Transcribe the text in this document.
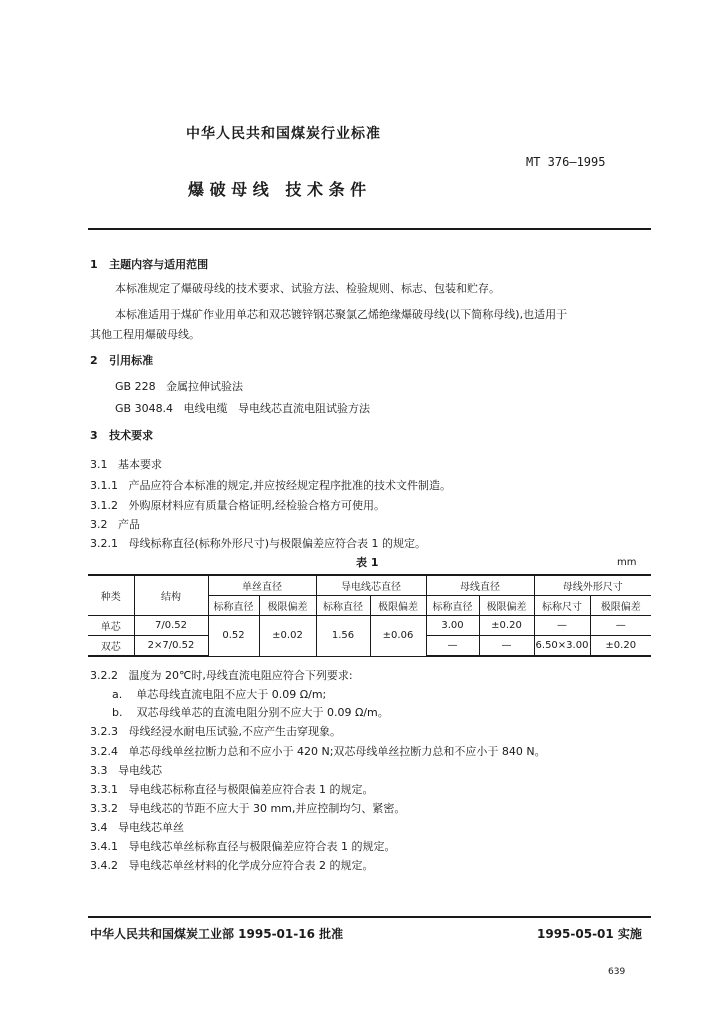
中华人民共和国煤炭行业标准
MT 376—1995
爆 破 母 线   技 术 条 件
1   主题内容与适用范围
本标准规定了爆破母线的技术要求、试验方法、检验规则、标志、包装和贮存。
本标准适用于煤矿作业用单芯和双芯镀锌钢芯聚氯乙烯绝缘爆破母线(以下简称母线),也适用于
其他工程用爆破母线。
2   引用标准
GB 228   金属拉伸试验法
GB 3048.4   电线电缆   导电线芯直流电阻试验方法
3   技术要求
3.1   基本要求
3.1.1   产品应符合本标准的规定,并应按经规定程序批准的技术文件制造。
3.1.2   外购原材料应有质量合格证明,经检验合格方可使用。
3.2   产品
3.2.1   母线标称直径(标称外形尺寸)与极限偏差应符合表 1 的规定。
表 1	mm
种类	结构	单丝直径		导电线芯直径		母线直径		母线外形尺寸	
		标称直径	极限偏差	标称直径	极限偏差	标称直径	极限偏差	标称尺寸	极限偏差
单芯	7/0.52	0.52	±0.02	1.56	±0.06	3.00	±0.20	—	—
双芯	2×7/0.52					—	—	6.50×3.00	±0.20
3.2.2   温度为 20℃时,母线直流电阻应符合下列要求:
a.    单芯母线直流电阻不应大于 0.09 Ω/m;
b.    双芯母线单芯的直流电阻分别不应大于 0.09 Ω/m。
3.2.3   母线经浸水耐电压试验,不应产生击穿现象。
3.2.4   单芯母线单丝拉断力总和不应小于 420 N;双芯母线单丝拉断力总和不应小于 840 N。
3.3   导电线芯
3.3.1   导电线芯标称直径与极限偏差应符合表 1 的规定。
3.3.2   导电线芯的节距不应大于 30 mm,并应控制均匀、紧密。
3.4   导电线芯单丝
3.4.1   导电线芯单丝标称直径与极限偏差应符合表 1 的规定。
3.4.2   导电线芯单丝材料的化学成分应符合表 2 的规定。
中华人民共和国煤炭工业部 1995-01-16 批准	1995-05-01 实施
639
